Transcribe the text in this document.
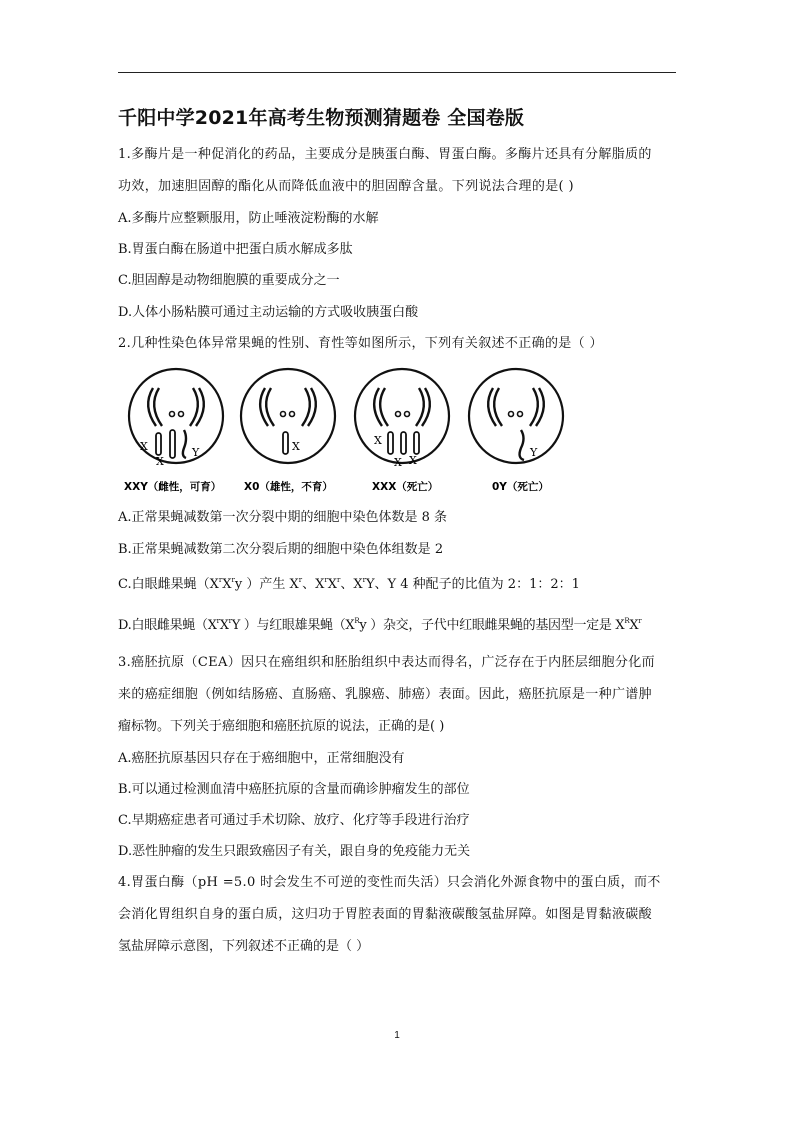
千阳中学2021年高考生物预测猜题卷 全国卷版
1.多酶片是一种促消化的药品，主要成分是胰蛋白酶、胃蛋白酶。多酶片还具有分解脂质的
功效，加速胆固醇的酯化从而降低血液中的胆固醇含量。下列说法合理的是( )
A.多酶片应整颗服用，防止唾液淀粉酶的水解
B.胃蛋白酶在肠道中把蛋白质水解成多肽
C.胆固醇是动物细胞膜的重要成分之一
D.人体小肠粘膜可通过主动运输的方式吸收胰蛋白酸
2.几种性染色体异常果蝇的性别、育性等如图所示，下列有关叙述不正确的是（ ）
X
X
Y
XXY（雌性，可育）
X
X0（雄性，不育）
X
X X
XXX（死亡）
Y
0Y（死亡）
A.正常果蝇减数第一次分裂中期的细胞中染色体数是 8 条
B.正常果蝇减数第二次分裂后期的细胞中染色体组数是 2
C.白眼雌果蝇（$X^rX^ry$ ）产生 $X^r$、$X^rX^r$、$X^rY$、Y 4 种配子的比值为 2：1：2：1
D.白眼雌果蝇（$X^rX^rY$ ）与红眼雄果蝇（$X^Ry$ ）杂交，子代中红眼雌果蝇的基因型一定是 $X^RX^r$
3.癌胚抗原（CEA）因只在癌组织和胚胎组织中表达而得名，广泛存在于内胚层细胞分化而
来的癌症细胞（例如结肠癌、直肠癌、乳腺癌、肺癌）表面。因此，癌胚抗原是一种广谱肿
瘤标物。下列关于癌细胞和癌胚抗原的说法，正确的是( )
A.癌胚抗原基因只存在于癌细胞中，正常细胞没有
B.可以通过检测血清中癌胚抗原的含量而确诊肿瘤发生的部位
C.早期癌症患者可通过手术切除、放疗、化疗等手段进行治疗
D.恶性肿瘤的发生只跟致癌因子有关，跟自身的免疫能力无关
4.胃蛋白酶（pH =5.0 时会发生不可逆的变性而失活）只会消化外源食物中的蛋白质，而不
会消化胃组织自身的蛋白质，这归功于胃腔表面的胃黏液碳酸氢盐屏障。如图是胃黏液碳酸
氢盐屏障示意图，下列叙述不正确的是（ ）
1
